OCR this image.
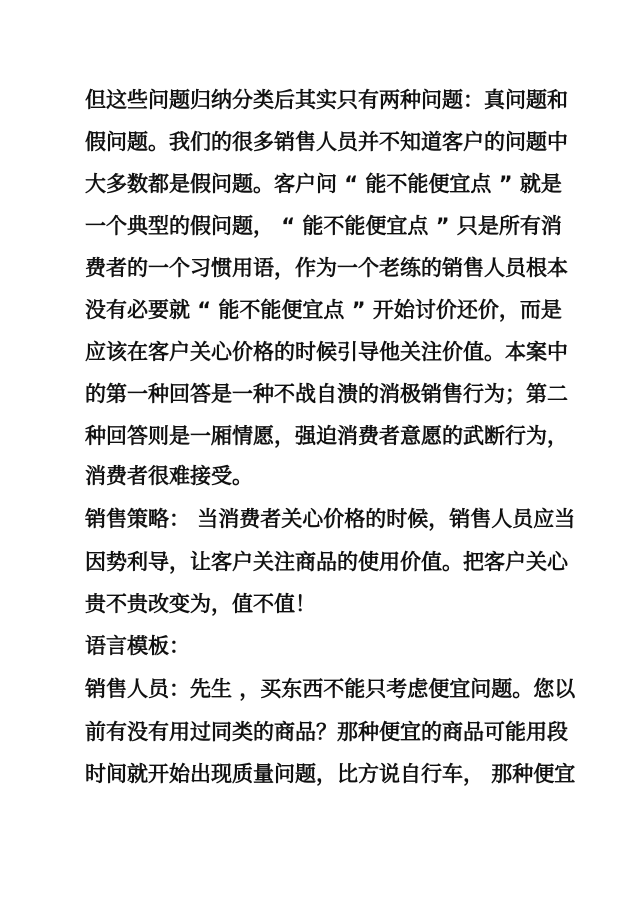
但这些问题归纳分类后其实只有两种问题：真问题和
假问题。我们的很多销售人员并不知道客户的问题中
大多数都是假问题。客户问 “ 能不能便宜点 ” 就是
一个典型的假问题， “ 能不能便宜点 ” 只是所有消
费者的一个习惯用语，作为一个老练的销售人员根本
没有必要就 “ 能不能便宜点 ” 开始讨价还价，而是
应该在客户关心价格的时候引导他关注价值。本案中
的第一种回答是一种不战自溃的消极销售行为；第二
种回答则是一厢情愿，强迫消费者意愿的武断行为，
消费者很难接受。
销售策略： 当消费者关心价格的时候，销售人员应当
因势利导，让客户关注商品的使用价值。把客户关心
贵不贵改变为，值不值！
语言模板：
销售人员：先生 ，买东西不能只考虑便宜问题。您以
前有没有用过同类的商品？那种便宜的商品可能用段
时间就开始出现质量问题，比方说自行车， 那种便宜
